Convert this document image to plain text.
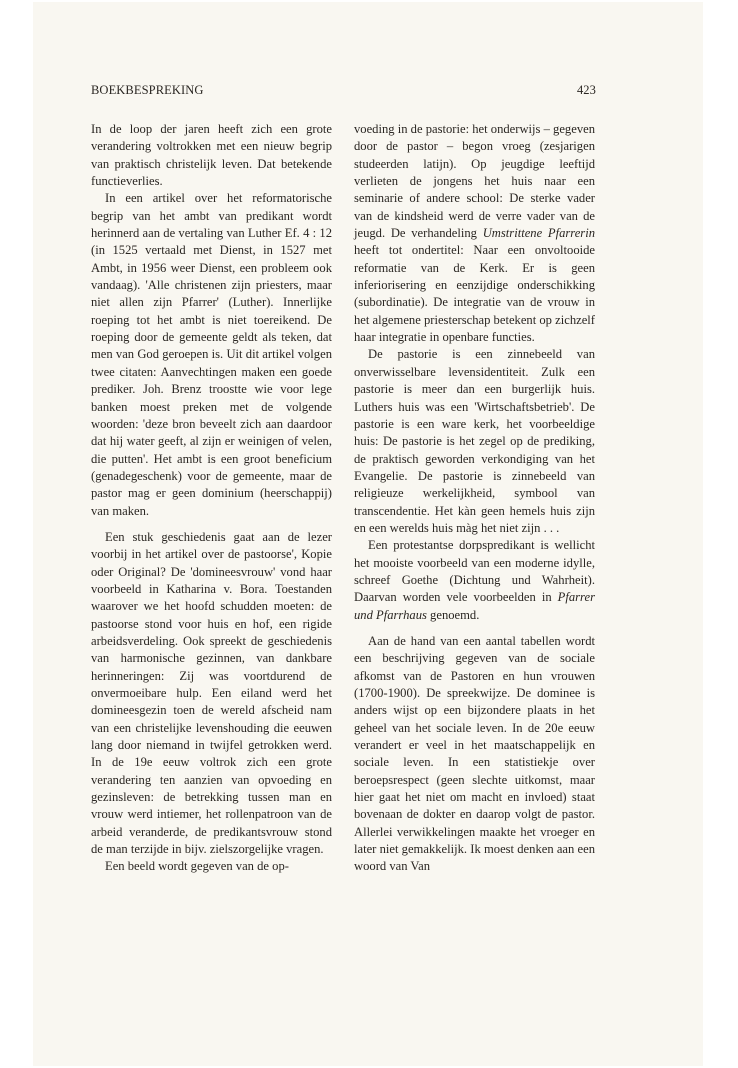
BOEKBESPREKING	423

In de loop der jaren heeft zich een grote verandering voltrokken met een nieuw begrip van praktisch christelijk leven. Dat betekende functieverlies.

In een artikel over het reformatorische begrip van het ambt van predikant wordt herinnerd aan de vertaling van Luther Ef. 4 : 12 (in 1525 vertaald met Dienst, in 1527 met Ambt, in 1956 weer Dienst, een probleem ook vandaag). 'Alle christenen zijn priesters, maar niet allen zijn Pfarrer' (Luther). Innerlijke roeping tot het ambt is niet toereikend. De roeping door de gemeente geldt als teken, dat men van God geroepen is. Uit dit artikel volgen twee citaten: Aanvechtingen maken een goede prediker. Joh. Brenz troostte wie voor lege banken moest preken met de volgende woorden: 'deze bron beveelt zich aan daardoor dat hij water geeft, al zijn er weinigen of velen, die putten'. Het ambt is een groot beneficium (genadegeschenk) voor de gemeente, maar de pastor mag er geen dominium (heerschappij) van maken.

Een stuk geschiedenis gaat aan de lezer voorbij in het artikel over de pastoorse', Kopie oder Original? De 'domineesvrouw' vond haar voorbeeld in Katharina v. Bora. Toestanden waarover we het hoofd schudden moeten: de pastoorse stond voor huis en hof, een rigide arbeidsverdeling. Ook spreekt de geschiedenis van harmonische gezinnen, van dankbare herinneringen: Zij was voortdurend de onvermoeibare hulp. Een eiland werd het domineesgezin toen de wereld afscheid nam van een christelijke levenshouding die eeuwen lang door niemand in twijfel getrokken werd. In de 19e eeuw voltrok zich een grote verandering ten aanzien van opvoeding en gezinsleven: de betrekking tussen man en vrouw werd intiemer, het rollenpatroon van de arbeid veranderde, de predikantsvrouw stond de man terzijde in bijv. zielszorgelijke vragen.

Een beeld wordt gegeven van de op-

voeding in de pastorie: het onderwijs – gegeven door de pastor – begon vroeg (zesjarigen studeerden latijn). Op jeugdige leeftijd verlieten de jongens het huis naar een seminarie of andere school: De sterke vader van de kindsheid werd de verre vader van de jeugd. De verhandeling Umstrittene Pfarrerin heeft tot ondertitel: Naar een onvoltooide reformatie van de Kerk. Er is geen inferiorisering en eenzijdige onderschikking (subordinatie). De integratie van de vrouw in het algemene priesterschap betekent op zichzelf haar integratie in openbare functies.

De pastorie is een zinnebeeld van onverwisselbare levensidentiteit. Zulk een pastorie is meer dan een burgerlijk huis. Luthers huis was een 'Wirtschaftsbetrieb'. De pastorie is een ware kerk, het voorbeeldige huis: De pastorie is het zegel op de prediking, de praktisch geworden verkondiging van het Evangelie. De pastorie is zinnebeeld van religieuze werkelijkheid, symbool van transcendentie. Het kàn geen hemels huis zijn en een werelds huis màg het niet zijn . . .

Een protestantse dorpspredikant is wellicht het mooiste voorbeeld van een moderne idylle, schreef Goethe (Dichtung und Wahrheit). Daarvan worden vele voorbeelden in Pfarrer und Pfarrhaus genoemd.

Aan de hand van een aantal tabellen wordt een beschrijving gegeven van de sociale afkomst van de Pastoren en hun vrouwen (1700-1900). De spreekwijze. De dominee is anders wijst op een bijzondere plaats in het geheel van het sociale leven. In de 20e eeuw verandert er veel in het maatschappelijk en sociale leven. In een statistiekje over beroepsrespect (geen slechte uitkomst, maar hier gaat het niet om macht en invloed) staat bovenaan de dokter en daarop volgt de pastor. Allerlei verwikkelingen maakte het vroeger en later niet gemakkelijk. Ik moest denken aan een woord van Van
